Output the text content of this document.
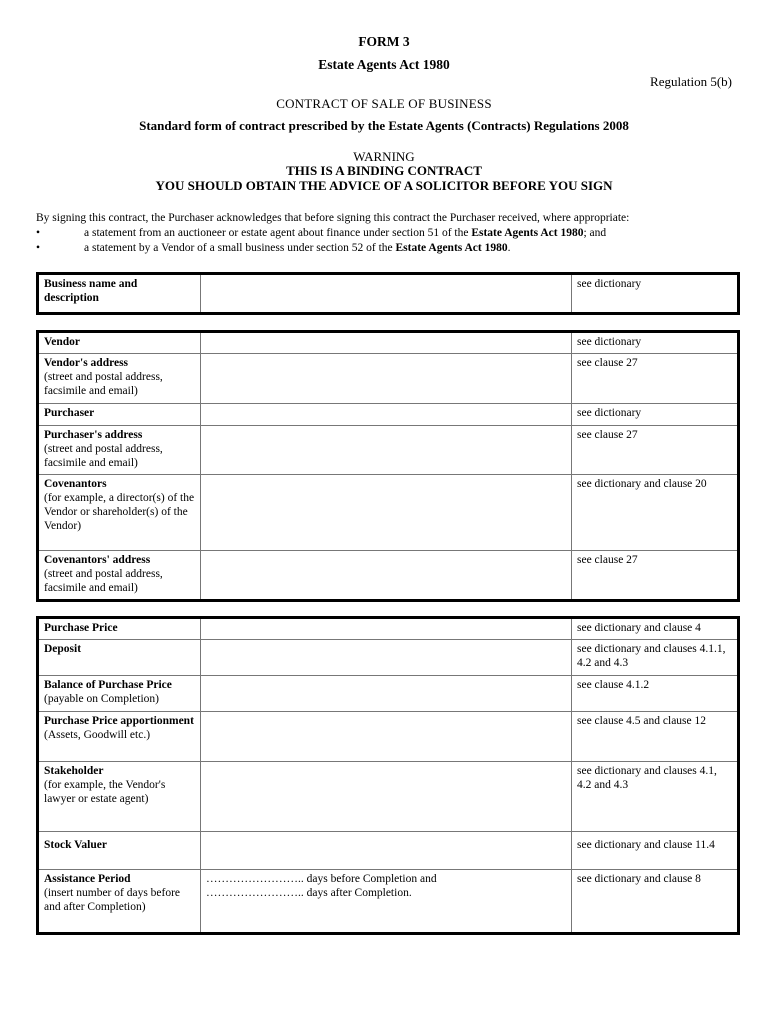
FORM 3
Estate Agents Act 1980
Regulation 5(b)
CONTRACT OF SALE OF BUSINESS
Standard form of contract prescribed by the Estate Agents (Contracts) Regulations 2008
WARNING
THIS IS A BINDING CONTRACT
YOU SHOULD OBTAIN THE ADVICE OF A SOLICITOR BEFORE YOU SIGN
By signing this contract, the Purchaser acknowledges that before signing this contract the Purchaser received, where appropriate:
•	a statement from an auctioneer or estate agent about finance under section 51 of the Estate Agents Act 1980; and
•	a statement by a Vendor of a small business under section 52 of the Estate Agents Act 1980.
Business name and description
		see dictionary
Vendor		see dictionary

Vendor's address
(street and postal address, facsimile and email)		see clause 27

Purchaser		see dictionary

Purchaser's address
(street and postal address, facsimile and email)		see clause 27

Covenantors
(for example, a director(s) of the Vendor or shareholder(s) of the Vendor)		see dictionary and clause 20

Covenantors' address
(street and postal address, facsimile and email)		see clause 27
Purchase Price		see dictionary and clause 4

Deposit		see dictionary and clauses 4.1.1, 4.2 and 4.3

Balance of Purchase Price
(payable on Completion)		see clause 4.1.2

Purchase Price apportionment
(Assets, Goodwill etc.)		see clause 4.5 and clause 12

Stakeholder
(for example, the Vendor's lawyer or estate agent)		see dictionary and clauses 4.1, 4.2 and 4.3

Stock Valuer		see dictionary and clause 11.4

Assistance Period
(insert number of days before and after Completion)	…………………….. days before Completion and
…………………….. days after Completion.	see dictionary and clause 8
